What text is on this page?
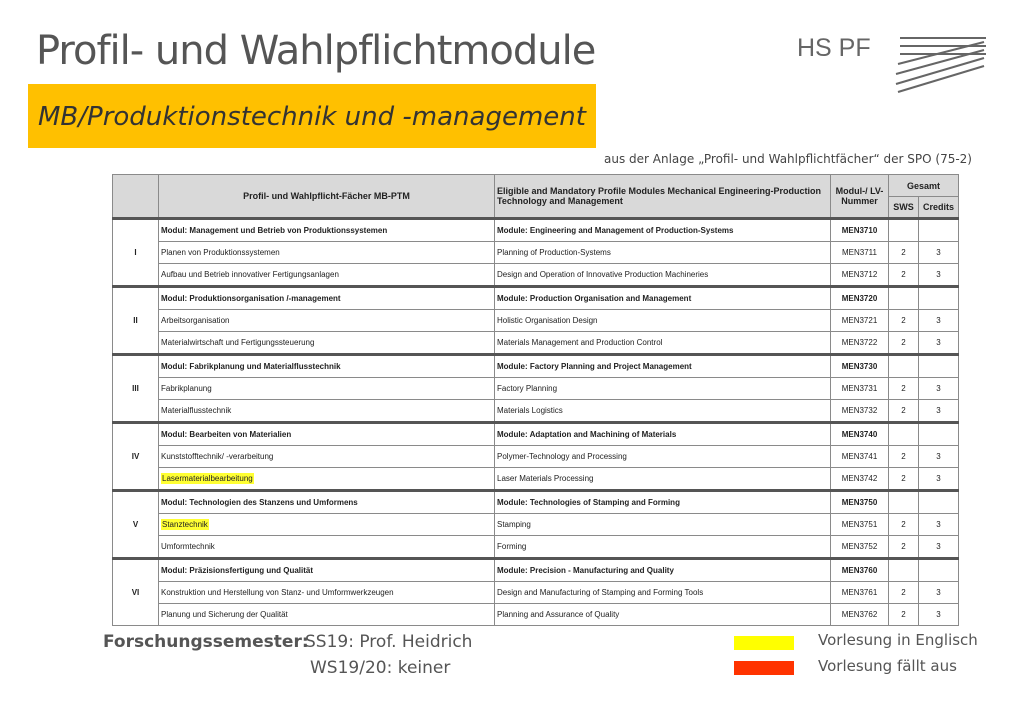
Profil- und Wahlpflichtmodule	HS PF
MB/Produktionstechnik und -management
aus der Anlage „Profil- und Wahlpflichtfächer“ der SPO (75-2)
	Profil- und Wahlpflicht-Fächer MB-PTM	Eligible and Mandatory Profile Modules Mechanical Engineering-Production Technology and Management	Modul-/ LV-Nummer	Gesamt	
				SWS	Credits
I	Modul: Management und Betrieb von Produktionssystemen	Module: Engineering and Management of Production-Systems	MEN3710		
	Planen von Produktionssystemen	Planning of Production-Systems	MEN3711	2	3
	Aufbau und Betrieb innovativer Fertigungsanlagen	Design and Operation of Innovative Production Machineries	MEN3712	2	3
II	Modul: Produktionsorganisation /-management	Module: Production Organisation and Management	MEN3720		
	Arbeitsorganisation	Holistic Organisation Design	MEN3721	2	3
	Materialwirtschaft und Fertigungssteuerung	Materials Management and Production Control	MEN3722	2	3
III	Modul: Fabrikplanung und Materialflusstechnik	Module: Factory Planning and Project Management	MEN3730		
	Fabrikplanung	Factory Planning	MEN3731	2	3
	Materialflusstechnik	Materials Logistics	MEN3732	2	3
IV	Modul: Bearbeiten von Materialien	Module: Adaptation and Machining of Materials	MEN3740		
	Kunststofftechnik/ -verarbeitung	Polymer-Technology and Processing	MEN3741	2	3
	Lasermaterialbearbeitung	Laser Materials Processing	MEN3742	2	3
V	Modul: Technologien des Stanzens und Umformens	Module: Technologies of Stamping and Forming	MEN3750		
	Stanztechnik	Stamping	MEN3751	2	3
	Umformtechnik	Forming	MEN3752	2	3
VI	Modul: Präzisionsfertigung und Qualität	Module: Precision - Manufacturing and Quality	MEN3760		
	Konstruktion und Herstellung von Stanz- und Umformwerkzeugen	Design and Manufacturing of Stamping and Forming Tools	MEN3761	2	3
	Planung und Sicherung der Qualität	Planning and Assurance of Quality	MEN3762	2	3
Forschungssemester:
SS19: Prof. Heidrich
WS19/20: keiner
Vorlesung in Englisch
Vorlesung fällt aus
